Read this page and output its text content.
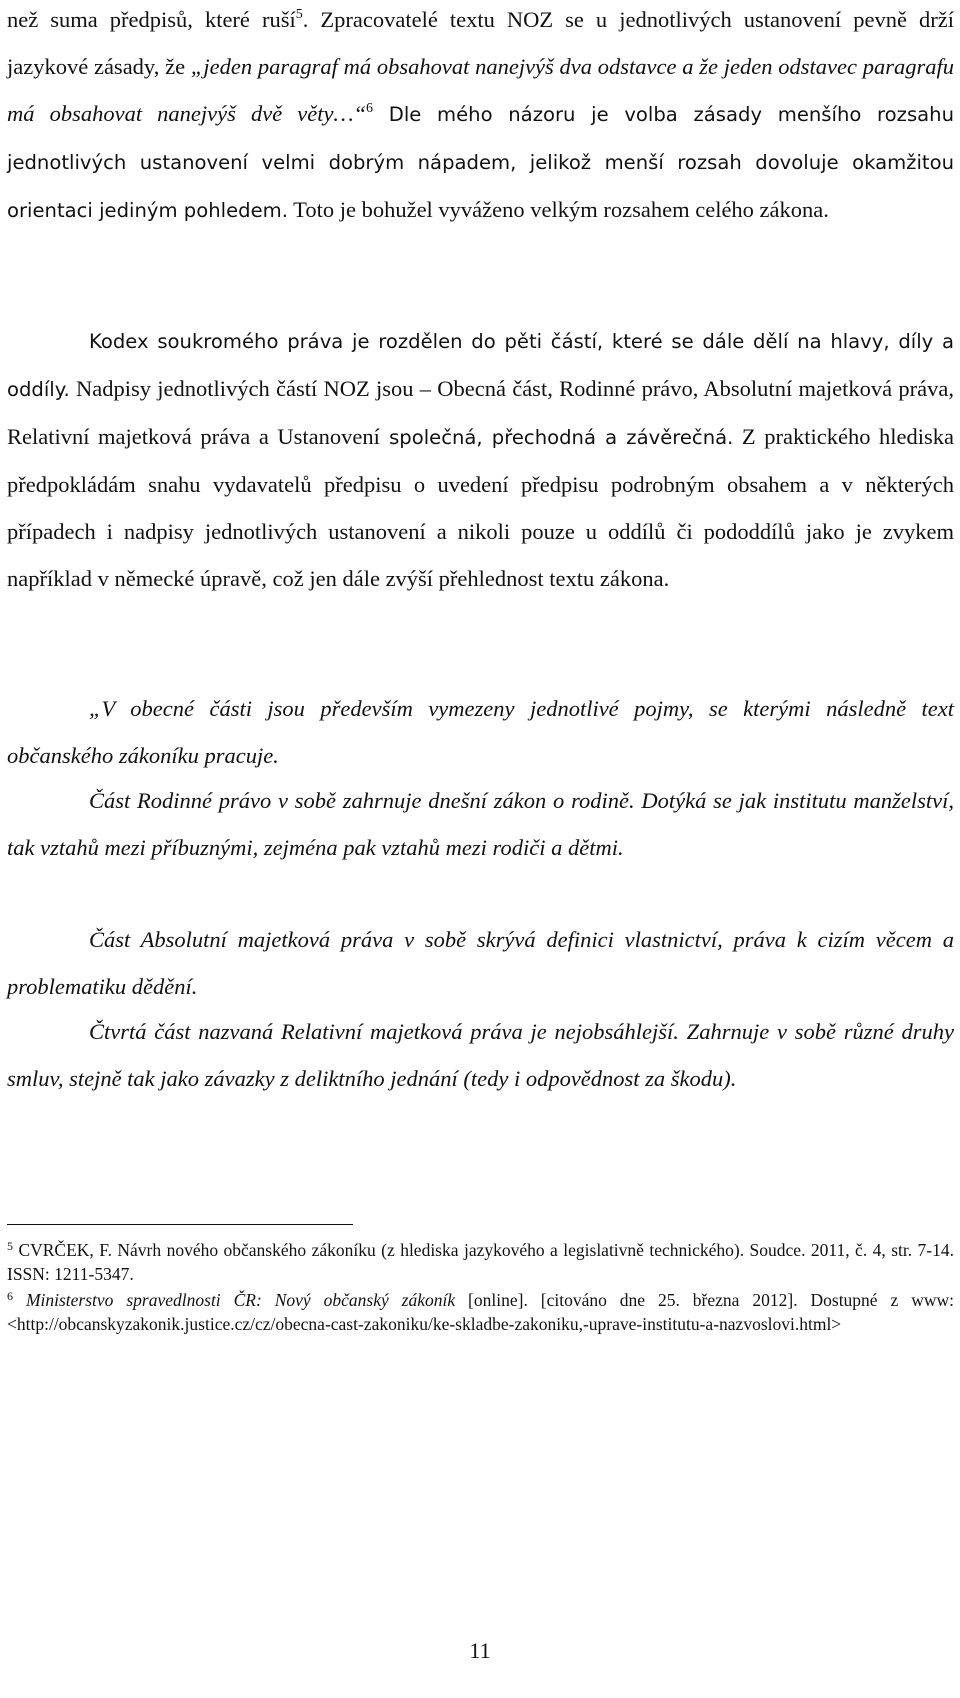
než suma předpisů, které ruší$^5$. Zpracovatelé textu NOZ se u jednotlivých ustanovení pevně drží jazykové zásady, že „jeden paragraf má obsahovat nanejvýš dva odstavce a že jeden odstavec paragrafu má obsahovat nanejvýš dvě věty…“$^6$ Dle mého názoru je volba zásady menšího rozsahu jednotlivých ustanovení velmi dobrým nápadem, jelikož menší rozsah dovoluje okamžitou orientaci jediným pohledem. Toto je bohužel vyváženo velkým rozsahem celého zákona.

Kodex soukromého práva je rozdělen do pěti částí, které se dále dělí na hlavy, díly a oddíly. Nadpisy jednotlivých částí NOZ jsou – Obecná část, Rodinné právo, Absolutní majetková práva, Relativní majetková práva a Ustanovení společná, přechodná a závěrečná. Z praktického hlediska předpokládám snahu vydavatelů předpisu o uvedení předpisu podrobným obsahem a v některých případech i nadpisy jednotlivých ustanovení a nikoli pouze u oddílů či pododdílů jako je zvykem například v německé úpravě, což jen dále zvýší přehlednost textu zákona.

„V obecné části jsou především vymezeny jednotlivé pojmy, se kterými následně text občanského zákoníku pracuje.

Část Rodinné právo v sobě zahrnuje dnešní zákon o rodině. Dotýká se jak institutu manželství, tak vztahů mezi příbuznými, zejména pak vztahů mezi rodiči a dětmi.

Část Absolutní majetková práva v sobě skrývá definici vlastnictví, práva k cizím věcem a problematiku dědění.

Čtvrtá část nazvaná Relativní majetková práva je nejobsáhlejší. Zahrnuje v sobě různé druhy smluv, stejně tak jako závazky z deliktního jednání (tedy i odpovědnost za škodu).

$^5$ CVRČEK, F. Návrh nového občanského zákoníku (z hlediska jazykového a legislativně technického). Soudce. 2011, č. 4, str. 7-14. ISSN: 1211-5347.

$^6$ Ministerstvo spravedlnosti ČR: Nový občanský zákoník [online]. [citováno dne 25. března 2012]. Dostupné z www: <http://obcanskyzakonik.justice.cz/cz/obecna-cast-zakoniku/ke-skladbe-zakoniku,-uprave-institutu-a-nazvoslovi.html>

11
